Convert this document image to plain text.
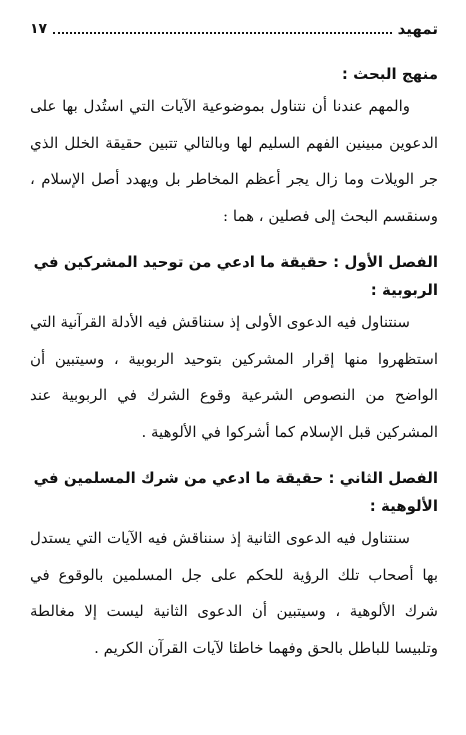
تمهيد
١٧
منهج البحث :

والمهم عندنا أن نتناول بموضوعية الآيات التي استُدل بها على الدعوين مبينين الفهم السليم لها وبالتالي تتبين حقيقة الخلل الذي جر الويلات وما زال يجر أعظم المخاطر بل ويهدد أصل الإسلام ، وسنقسم البحث إلى فصلين ، هما :

الفصل الأول : حقيقة ما ادعي من توحيد المشركين في الربوبية :

سنتناول فيه الدعوى الأولى إذ سنناقش فيه الأدلة القرآنية التي استظهروا منها إقرار المشركين بتوحيد الربوبية ، وسيتبين أن الواضح من النصوص الشرعية وقوع الشرك في الربوبية عند المشركين قبل الإسلام كما أشركوا في الألوهية .

الفصل الثاني : حقيقة ما ادعي من شرك المسلمين في الألوهية :

سنتناول فيه الدعوى الثانية إذ سنناقش فيه الآيات التي يستدل بها أصحاب تلك الرؤية للحكم على جل المسلمين بالوقوع في شرك الألوهية ، وسيتبين أن الدعوى الثانية ليست إلا مغالطة وتلبيسا للباطل بالحق وفهما خاطئا لآيات القرآن الكريم .
